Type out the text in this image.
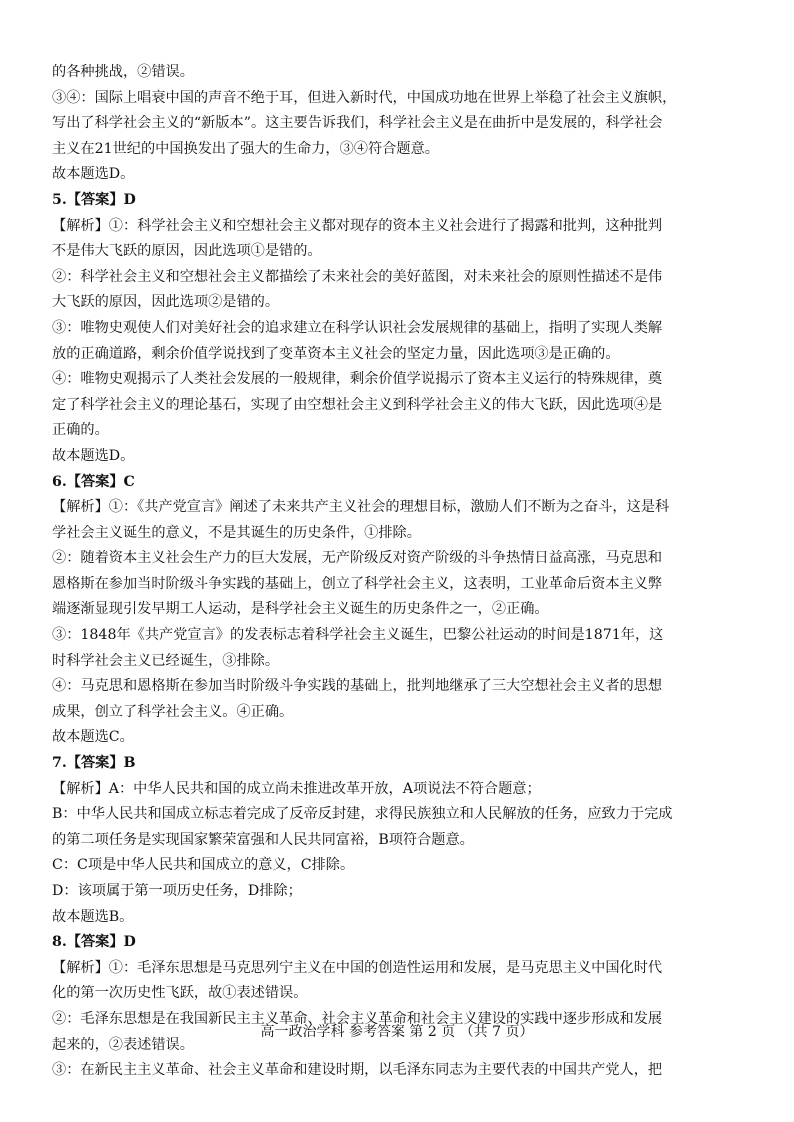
的各种挑战，②错误。
③④：国际上唱衰中国的声音不绝于耳，但进入新时代，中国成功地在世界上举稳了社会主义旗帜，
写出了科学社会主义的“新版本”。这主要告诉我们，科学社会主义是在曲折中是发展的，科学社会
主义在21世纪的中国换发出了强大的生命力，③④符合题意。
故本题选D。
5.【答案】D
【解析】①：科学社会主义和空想社会主义都对现存的资本主义社会进行了揭露和批判，这种批判
不是伟大飞跃的原因，因此选项①是错的。
②：科学社会主义和空想社会主义都描绘了未来社会的美好蓝图，对未来社会的原则性描述不是伟
大飞跃的原因，因此选项②是错的。
③：唯物史观使人们对美好社会的追求建立在科学认识社会发展规律的基础上，指明了实现人类解
放的正确道路，剩余价值学说找到了变革资本主义社会的坚定力量，因此选项③是正确的。
④：唯物史观揭示了人类社会发展的一般规律，剩余价值学说揭示了资本主义运行的特殊规律，奠
定了科学社会主义的理论基石，实现了由空想社会主义到科学社会主义的伟大飞跃，因此选项④是
正确的。
故本题选D。
6.【答案】C
【解析】①：《共产党宣言》阐述了未来共产主义社会的理想目标，激励人们不断为之奋斗，这是科
学社会主义诞生的意义，不是其诞生的历史条件，①排除。
②：随着资本主义社会生产力的巨大发展，无产阶级反对资产阶级的斗争热情日益高涨，马克思和
恩格斯在参加当时阶级斗争实践的基础上，创立了科学社会主义，这表明，工业革命后资本主义弊
端逐渐显现引发早期工人运动，是科学社会主义诞生的历史条件之一，②正确。
③：1848年《共产党宣言》的发表标志着科学社会主义诞生，巴黎公社运动的时间是1871年，这
时科学社会主义已经诞生，③排除。
④：马克思和恩格斯在参加当时阶级斗争实践的基础上，批判地继承了三大空想社会主义者的思想
成果，创立了科学社会主义。④正确。
故本题选C。
7.【答案】B
【解析】A：中华人民共和国的成立尚未推进改革开放，A项说法不符合题意；
B：中华人民共和国成立标志着完成了反帝反封建，求得民族独立和人民解放的任务，应致力于完成
的第二项任务是实现国家繁荣富强和人民共同富裕，B项符合题意。
C：C项是中华人民共和国成立的意义，C排除。
D：该项属于第一项历史任务，D排除；
故本题选B。
8.【答案】D
【解析】①：毛泽东思想是马克思列宁主义在中国的创造性运用和发展，是马克思主义中国化时代
化的第一次历史性飞跃，故①表述错误。
②：毛泽东思想是在我国新民主主义革命、社会主义革命和社会主义建设的实践中逐步形成和发展
起来的，②表述错误。
③：在新民主主义革命、社会主义革命和建设时期，以毛泽东同志为主要代表的中国共产党人，把
高一政治学科 参考答案 第 2 页 （共 7 页）
